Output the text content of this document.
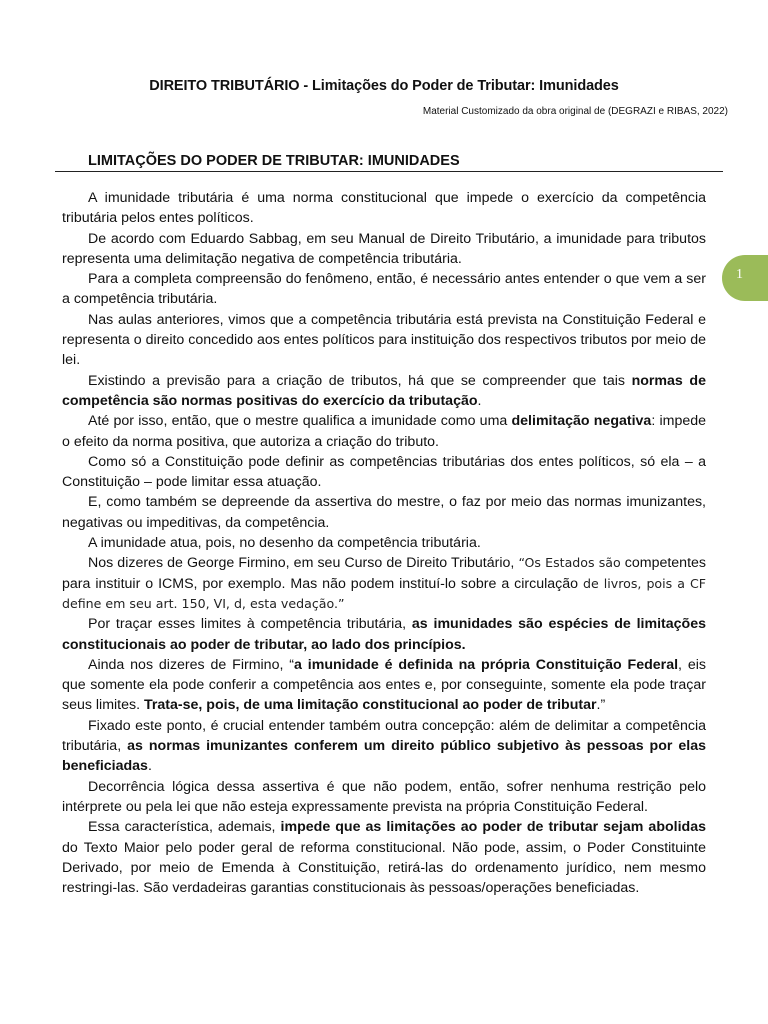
DIREITO TRIBUTÁRIO - Limitações do Poder de Tributar: Imunidades
Material Customizado da obra original de (DEGRAZI e RIBAS, 2022)
LIMITAÇÕES DO PODER DE TRIBUTAR: IMUNIDADES
1

A imunidade tributária é uma norma constitucional que impede o exercício da competência tributária pelos entes políticos.

De acordo com Eduardo Sabbag, em seu Manual de Direito Tributário, a imunidade para tributos representa uma delimitação negativa de competência tributária.

Para a completa compreensão do fenômeno, então, é necessário antes entender o que vem a ser a competência tributária.

Nas aulas anteriores, vimos que a competência tributária está prevista na Constituição Federal e representa o direito concedido aos entes políticos para instituição dos respectivos tributos por meio de lei.

Existindo a previsão para a criação de tributos, há que se compreender que tais normas de competência são normas positivas do exercício da tributação.

Até por isso, então, que o mestre qualifica a imunidade como uma delimitação negativa: impede o efeito da norma positiva, que autoriza a criação do tributo.

Como só a Constituição pode definir as competências tributárias dos entes políticos, só ela – a Constituição – pode limitar essa atuação.

E, como também se depreende da assertiva do mestre, o faz por meio das normas imunizantes, negativas ou impeditivas, da competência.

A imunidade atua, pois, no desenho da competência tributária.

Nos dizeres de George Firmino, em seu Curso de Direito Tributário, “Os Estados são competentes para instituir o ICMS, por exemplo. Mas não podem instituí-lo sobre a circulação de livros, pois a CF define em seu art. 150, VI, d, esta vedação.”

Por traçar esses limites à competência tributária, as imunidades são espécies de limitações constitucionais ao poder de tributar, ao lado dos princípios.

Ainda nos dizeres de Firmino, “a imunidade é definida na própria Constituição Federal, eis que somente ela pode conferir a competência aos entes e, por conseguinte, somente ela pode traçar seus limites. Trata-se, pois, de uma limitação constitucional ao poder de tributar.”

Fixado este ponto, é crucial entender também outra concepção: além de delimitar a competência tributária, as normas imunizantes conferem um direito público subjetivo às pessoas por elas beneficiadas.

Decorrência lógica dessa assertiva é que não podem, então, sofrer nenhuma restrição pelo intérprete ou pela lei que não esteja expressamente prevista na própria Constituição Federal.

Essa característica, ademais, impede que as limitações ao poder de tributar sejam abolidas do Texto Maior pelo poder geral de reforma constitucional. Não pode, assim, o Poder Constituinte Derivado, por meio de Emenda à Constituição, retirá-las do ordenamento jurídico, nem mesmo restringi-las. São verdadeiras garantias constitucionais às pessoas/operações beneficiadas.
